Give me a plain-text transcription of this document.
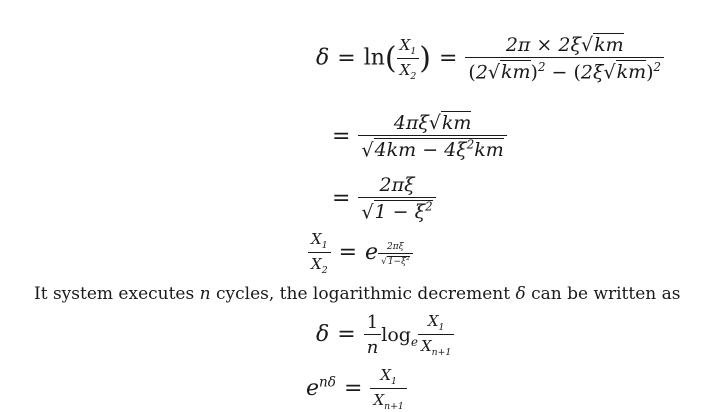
$\delta = \ln( \frac{X_1}{X_2}$ ) = $\frac{2\pi \times 2\xi√km}{(2√km)^2 - (2\xi√km)^2}$
= $\frac{4\pi\xi√km}{√4km - 4\xi^2km}$
= $\frac{2\pi\xi}{√1 - \xi^2}$
$\frac{X_1}{X_2} = e \frac{2\pi\xi}{√1-\xi^2}$
It system executes n cycles, the logarithmic decrement δ can be written as
$\delta = \frac{1}{n} \log_e \frac{X_1}{X_{n+1}}$
$e^{n\delta} = \frac{X_1}{X_{n+1}}$
